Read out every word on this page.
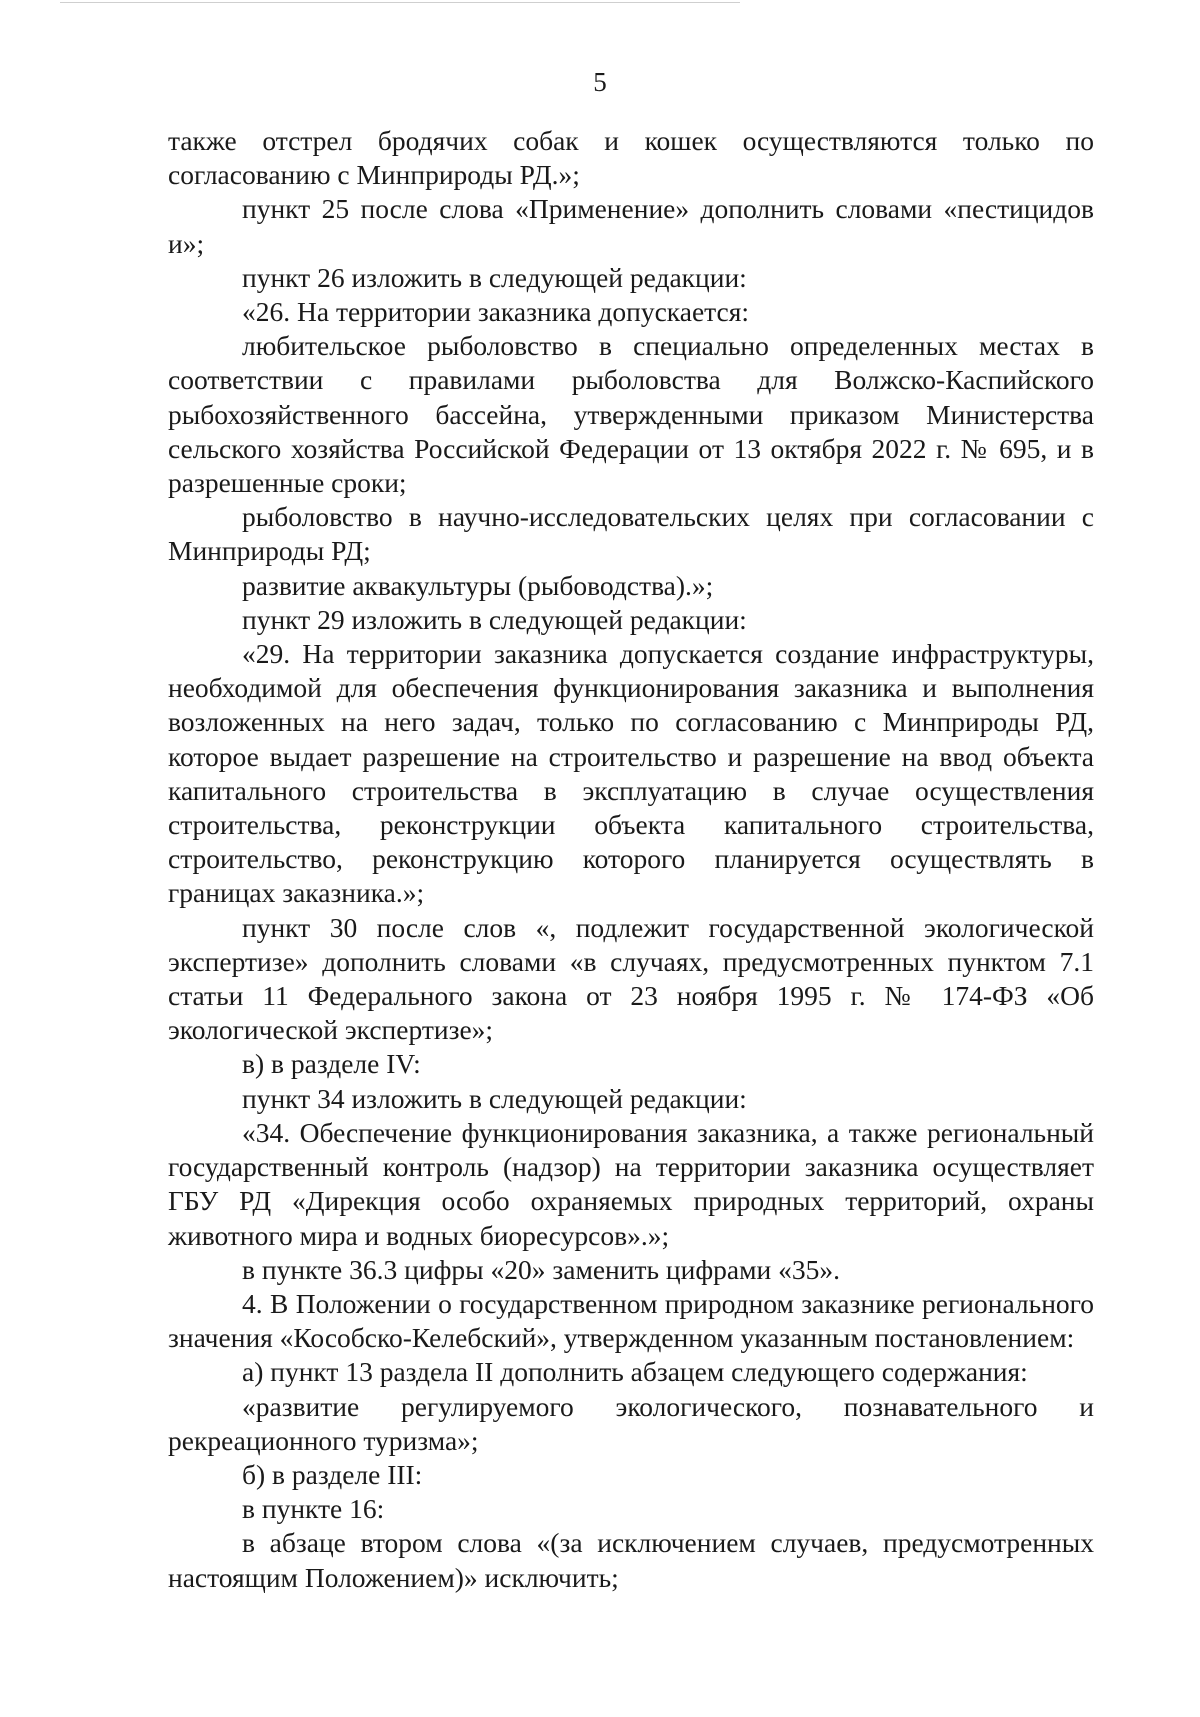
5

также отстрел бродячих собак и кошек осуществляются только по согласованию с Минприроды РД.»;

пункт 25 после слова «Применение» дополнить словами «пестицидов и»;

пункт 26 изложить в следующей редакции:

«26. На территории заказника допускается:

любительское рыболовство в специально определенных местах в соответствии с правилами рыболовства для Волжско-Каспийского рыбохозяйственного бассейна, утвержденными приказом Министерства сельского хозяйства Российской Федерации от 13 октября 2022 г. № 695, и в разрешенные сроки;

рыболовство в научно-исследовательских целях при согласовании с Минприроды РД;

развитие аквакультуры (рыбоводства).»;

пункт 29 изложить в следующей редакции:

«29. На территории заказника допускается создание инфраструктуры, необходимой для обеспечения функционирования заказника и выполнения возложенных на него задач, только по согласованию с Минприроды РД, которое выдает разрешение на строительство и разрешение на ввод объекта капитального строительства в эксплуатацию в случае осуществления строительства, реконструкции объекта капитального строительства, строительство, реконструкцию которого планируется осуществлять в границах заказника.»;

пункт 30 после слов «, подлежит государственной экологической экспертизе» дополнить словами «в случаях, предусмотренных пунктом 7.1 статьи 11 Федерального закона от 23 ноября 1995 г. № 174-ФЗ «Об экологической экспертизе»;

в) в разделе IV:

пункт 34 изложить в следующей редакции:

«34. Обеспечение функционирования заказника, а также региональный государственный контроль (надзор) на территории заказника осуществляет ГБУ РД «Дирекция особо охраняемых природных территорий, охраны животного мира и водных биоресурсов».»;

в пункте 36.3 цифры «20» заменить цифрами «35».

4. В Положении о государственном природном заказнике регионального значения «Кособско-Келебский», утвержденном указанным постановлением:

а) пункт 13 раздела II дополнить абзацем следующего содержания:

«развитие регулируемого экологического, познавательного и рекреационного туризма»;

б) в разделе III:

в пункте 16:

в абзаце втором слова «(за исключением случаев, предусмотренных настоящим Положением)» исключить;
